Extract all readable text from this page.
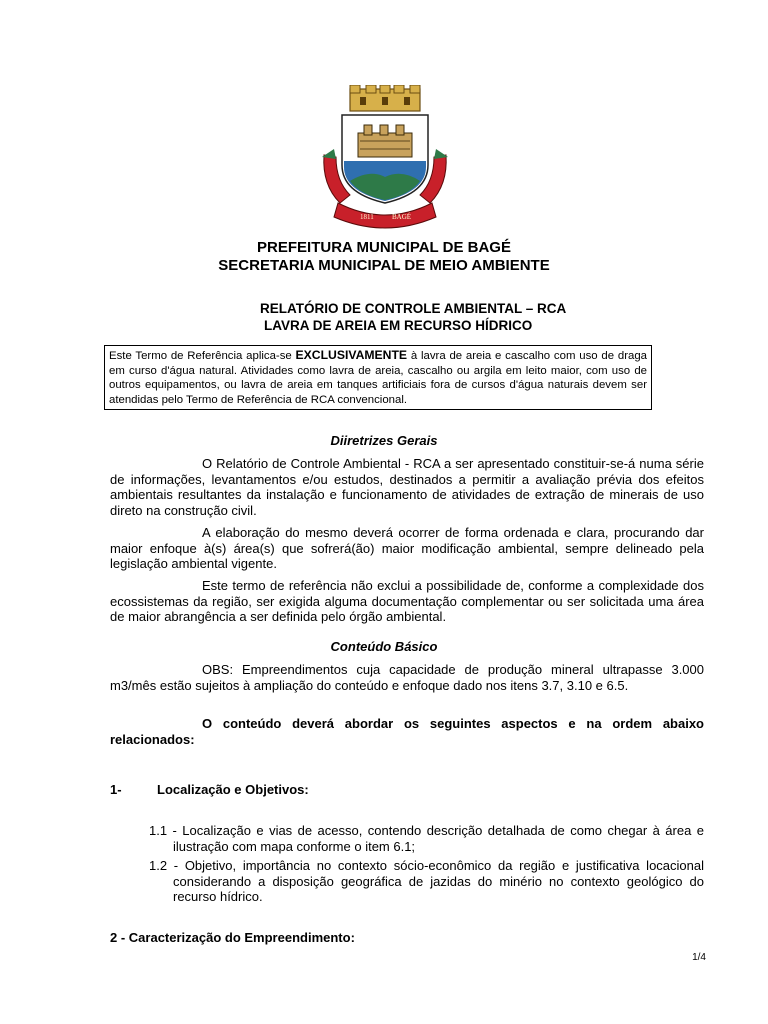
1811	BAGÉ
PREFEITURA MUNICIPAL DE BAGÉ
SECRETARIA MUNICIPAL DE MEIO AMBIENTE
RELATÓRIO DE CONTROLE AMBIENTAL – RCA
LAVRA DE AREIA EM RECURSO HÍDRICO
Este Termo de Referência aplica-se EXCLUSIVAMENTE à lavra de areia e cascalho com uso de draga em curso d'água natural. Atividades como lavra de areia, cascalho ou argila em leito maior, com uso de outros equipamentos, ou lavra de areia em tanques artificiais fora de cursos d'água naturais devem ser atendidas pelo Termo de Referência de RCA convencional.
Diiretrizes Gerais
O Relatório de Controle Ambiental - RCA a ser apresentado constituir-se-á numa série de informações, levantamentos e/ou estudos, destinados a permitir a avaliação prévia dos efeitos ambientais resultantes da instalação e funcionamento de atividades de extração de minerais de uso direto na construção civil.
A elaboração do mesmo deverá ocorrer de forma ordenada e clara, procurando dar maior enfoque à(s) área(s) que sofrerá(ão) maior modificação ambiental, sempre delineado pela legislação ambiental vigente.
Este termo de referência não exclui a possibilidade de, conforme a complexidade dos ecossistemas da região, ser exigida alguma documentação complementar ou ser solicitada uma área de maior abrangência a ser definida pelo órgão ambiental.
Conteúdo Básico
OBS: Empreendimentos cuja capacidade de produção mineral ultrapasse 3.000 m3/mês estão sujeitos à ampliação do conteúdo e enfoque dado nos itens 3.7, 3.10 e 6.5.
O conteúdo deverá abordar os seguintes aspectos e na ordem abaixo relacionados:
1-	Localização e Objetivos:
1.1 - Localização e vias de acesso, contendo descrição detalhada de como chegar à área e ilustração com mapa conforme o item 6.1;
1.2 - Objetivo, importância no contexto sócio-econômico da região e justificativa locacional considerando a disposição geográfica de jazidas do minério no contexto geológico do recurso hídrico.
2 - Caracterização do Empreendimento:
1/4
